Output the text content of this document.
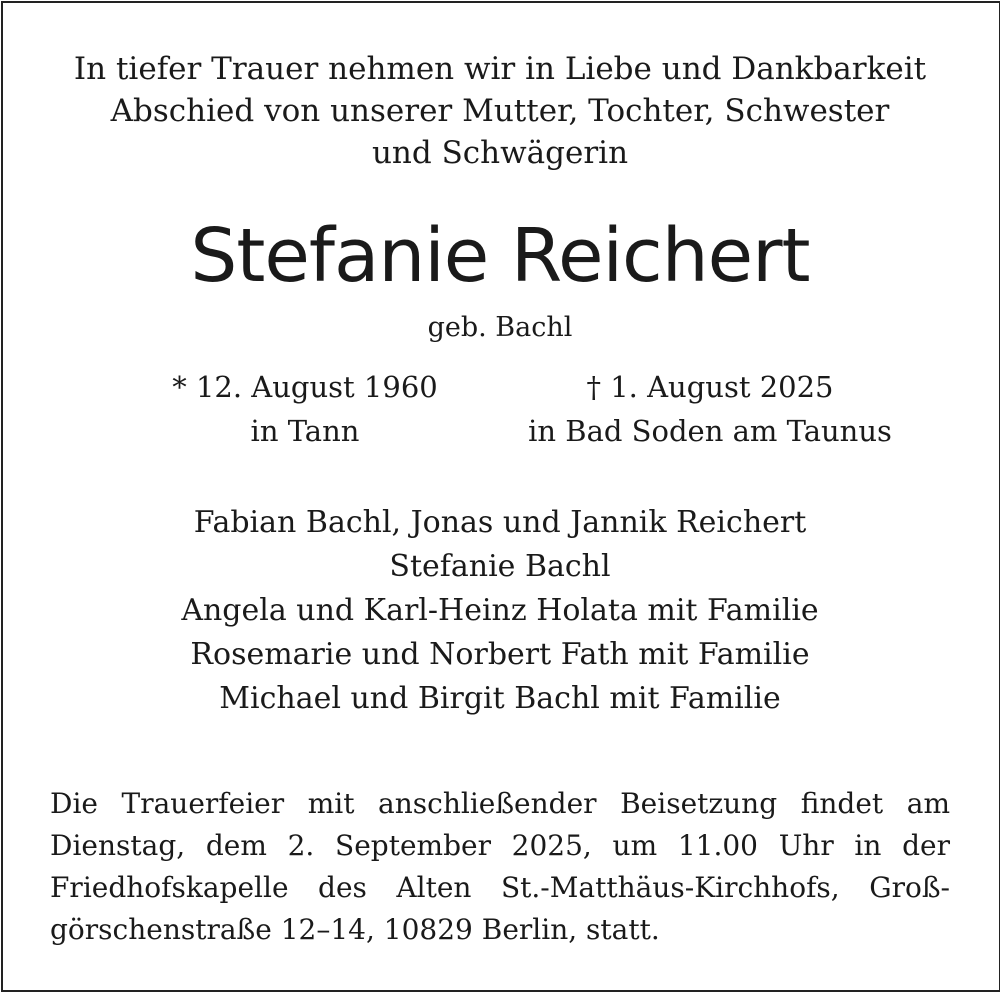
In tiefer Trauer nehmen wir in Liebe und Dankbarkeit
Abschied von unserer Mutter, Tochter, Schwester
und Schwägerin
Stefanie Reichert
geb. Bachl
* 12. August 1960
in Tann
† 1. August 2025
in Bad Soden am Taunus
Fabian Bachl, Jonas und Jannik Reichert
Stefanie Bachl
Angela und Karl-Heinz Holata mit Familie
Rosemarie und Norbert Fath mit Familie
Michael und Birgit Bachl mit Familie
Die Trauerfeier mit anschließender Beisetzung findet am
Dienstag, dem 2. September 2025, um 11.00 Uhr in der
Friedhofskapelle des Alten St.-Matthäus-Kirchhofs, Groß-
görschenstraße 12–14, 10829 Berlin, statt.
